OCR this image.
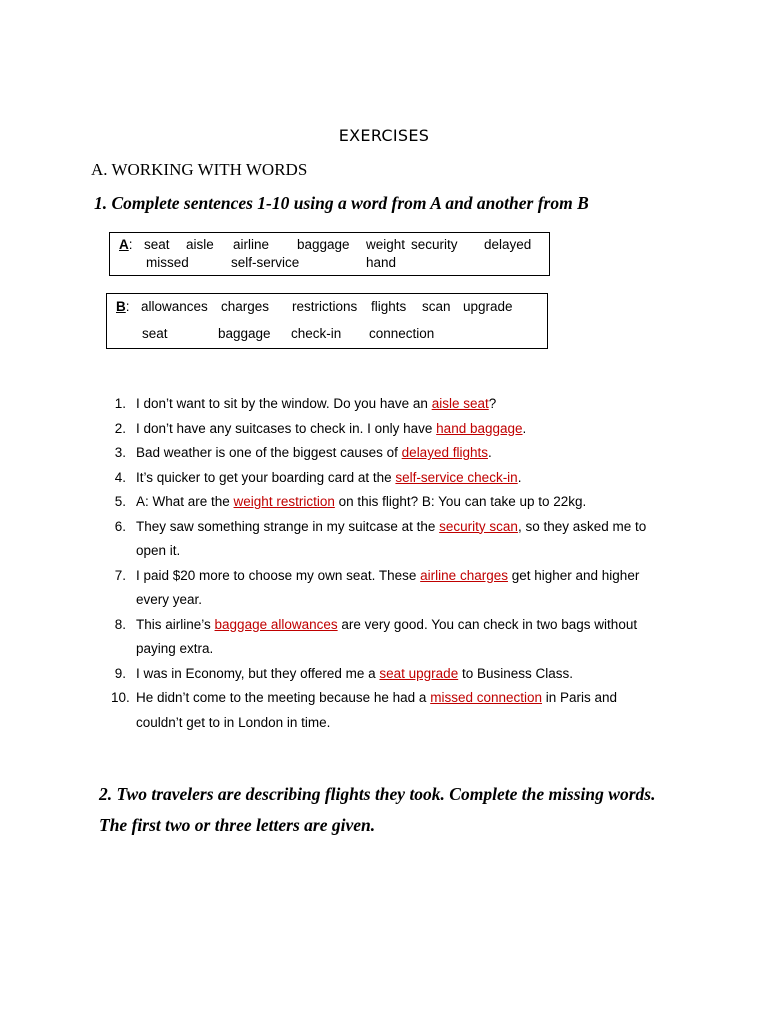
EXERCISES
A. WORKING WITH WORDS
1. Complete sentences 1-10 using a word from A and another from B
A: seat aisle airline baggage weight security delayed
missed	self-service	hand
B: allowances charges restrictions flights scan upgrade
seat	baggage check-in connection
1. I don’t want to sit by the window. Do you have an aisle seat?
2. I don’t have any suitcases to check in. I only have hand baggage.
3. Bad weather is one of the biggest causes of delayed flights.
4. It’s quicker to get your boarding card at the self-service check-in.
5. A: What are the weight restriction on this flight? B: You can take up to 22kg.
6. They saw something strange in my suitcase at the security scan, so they asked me to
open it.
7. I paid $20 more to choose my own seat. These airline charges get higher and higher
every year.
8. This airline’s baggage allowances are very good. You can check in two bags without
paying extra.
9. I was in Economy, but they offered me a seat upgrade to Business Class.
10. He didn’t come to the meeting because he had a missed connection in Paris and
couldn’t get to in London in time.
2. Two travelers are describing flights they took. Complete the missing words.
The first two or three letters are given.
